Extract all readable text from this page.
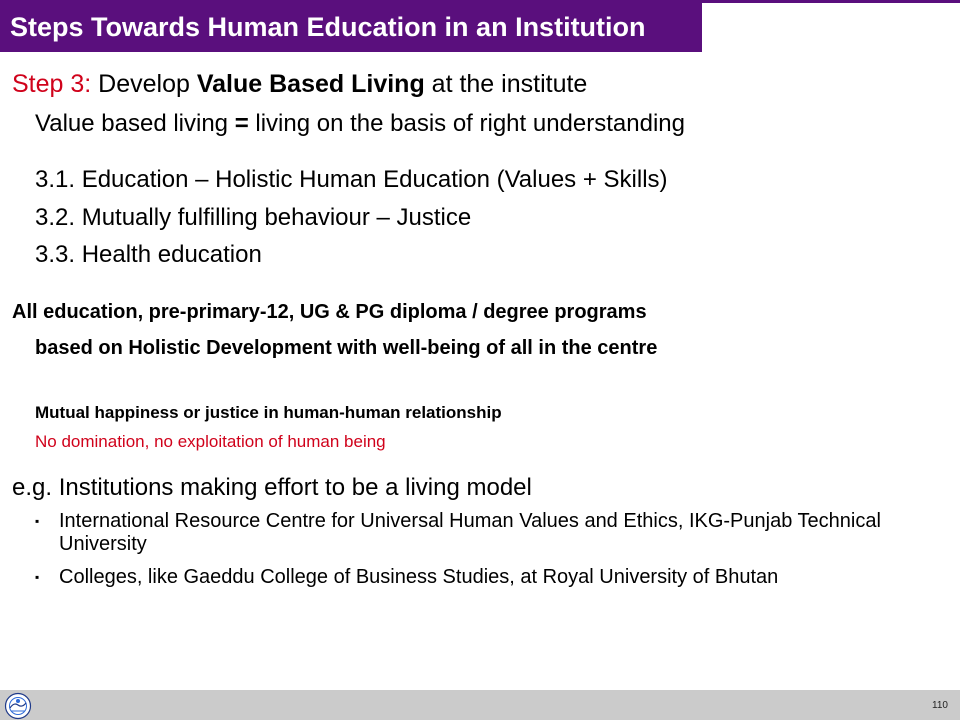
Steps Towards Human Education in an Institution

Step 3: Develop Value Based Living at the institute

Value based living = living on the basis of right understanding

3.1. Education – Holistic Human Education (Values + Skills)

3.2. Mutually fulfilling behaviour – Justice

3.3. Health education

All education, pre-primary-12, UG & PG diploma / degree programs

based on Holistic Development with well-being of all in the centre

Mutual happiness or justice in human-human relationship

No domination, no exploitation of human being

e.g. Institutions making effort to be a living model

▪ International Resource Centre for Universal Human Values and Ethics, IKG-Punjab Technical University
▪ Colleges, like Gaeddu College of Business Studies, at Royal University of Bhutan
110
